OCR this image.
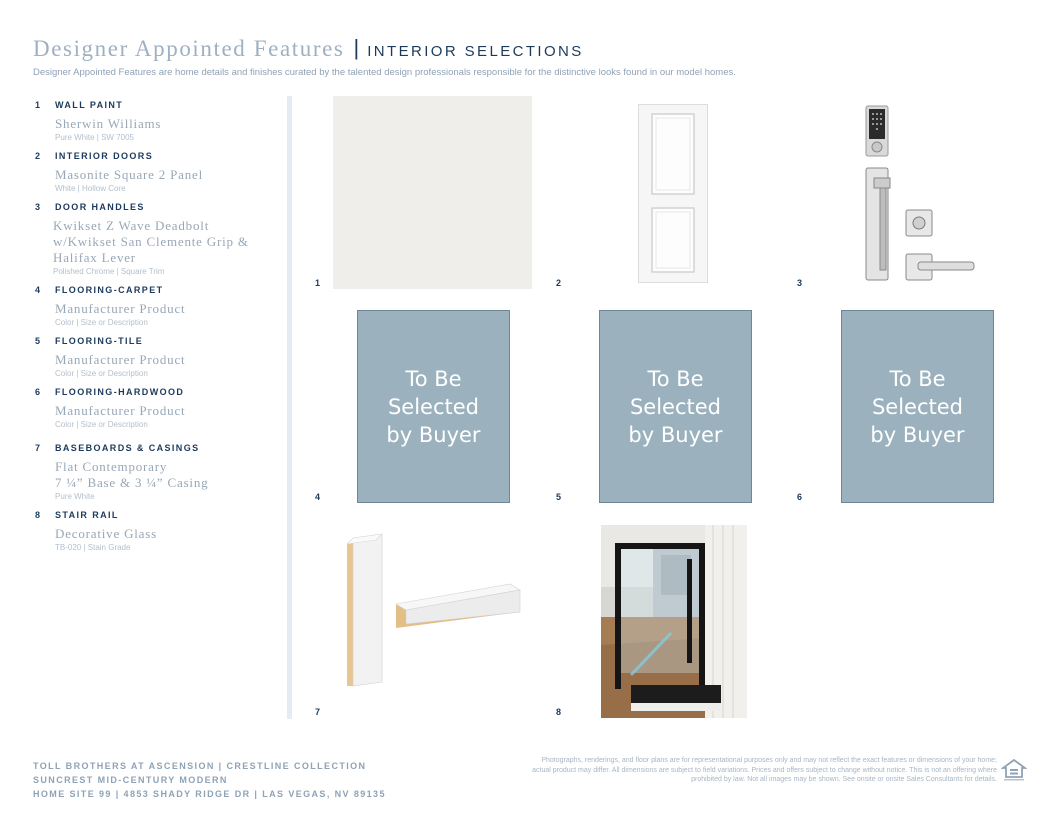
Designer Appointed Features | INTERIOR SELECTIONS
Designer Appointed Features are home details and finishes curated by the talented design professionals responsible for the distinctive looks found in our model homes.
1	WALL PAINT
Sherwin Williams
Pure White | SW 7005
2	INTERIOR DOORS
Masonite Square 2 Panel
White | Hollow Core
3	DOOR HANDLES
Kwikset Z Wave Deadbolt
w/Kwikset San Clemente Grip &
Halifax Lever
Polished Chrome | Square Trim
4	FLOORING-CARPET
Manufacturer Product
Color | Size or Description
5	FLOORING-TILE
Manufacturer Product
Color | Size or Description
6	FLOORING-HARDWOOD
Manufacturer Product
Color | Size or Description
7	BASEBOARDS & CASINGS
Flat Contemporary
7 ¼” Base & 3 ¼” Casing
Pure White
8	STAIR RAIL
Decorative Glass
TB-020 | Stain Grade
1	2	3
To Be
Selected
by Buyer
4
To Be
Selected
by Buyer
5
To Be
Selected
by Buyer
6
7	8
TOLL BROTHERS AT ASCENSION | CRESTLINE COLLECTION
SUNCREST MID-CENTURY MODERN
HOME SITE 99 | 4853 SHADY RIDGE DR | LAS VEGAS, NV 89135
Photographs, renderings, and floor plans are for representational purposes only and may not reflect the exact features or dimensions of your home; actual product may differ. All dimensions are subject to field variations. Prices and offers subject to change without notice. This is not an offering where prohibited by law. Not all images may be shown. See onsite or onsite Sales Consultants for details.
